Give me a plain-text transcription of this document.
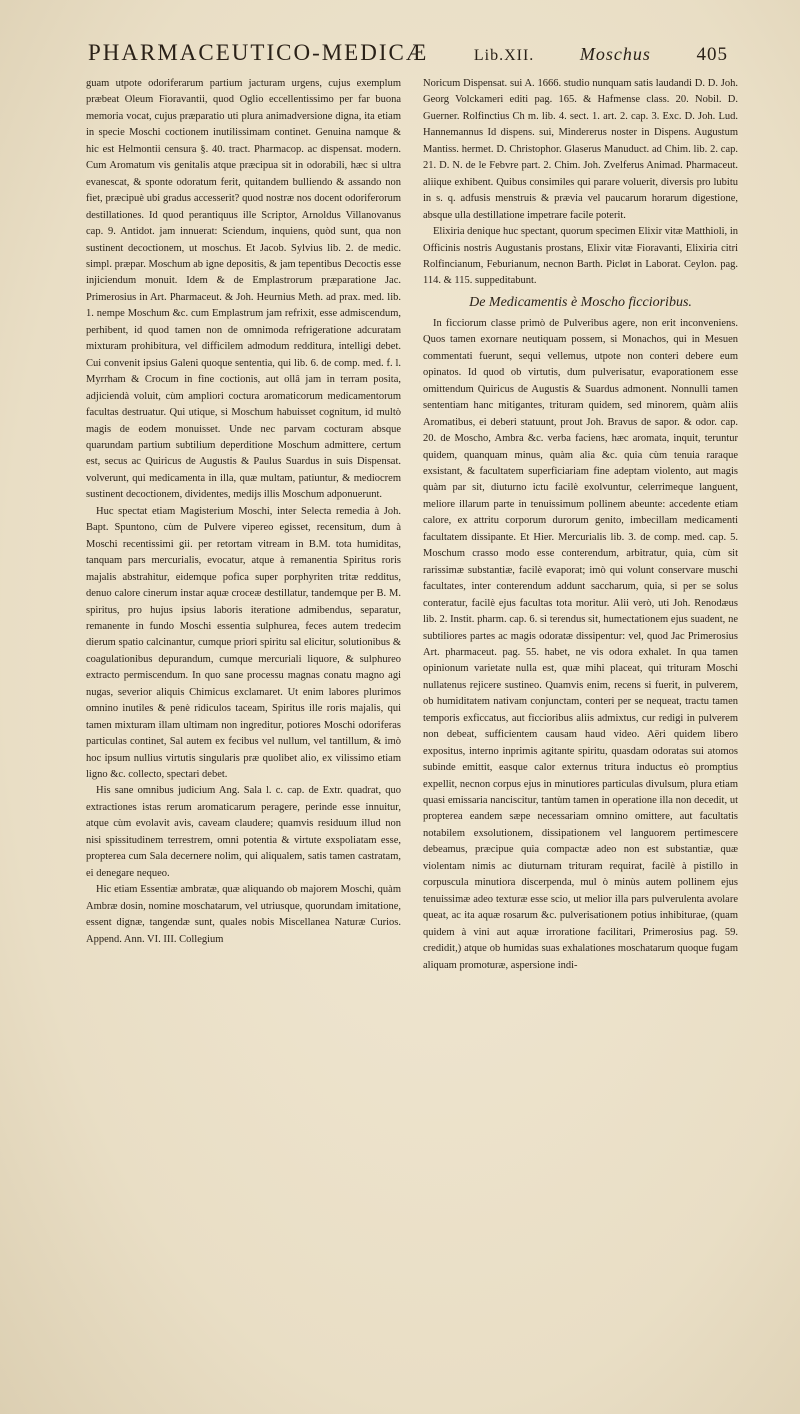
PHARMACEUTICO-MEDICÆ	Lib.XII.	Moschus 405

guam utpote odoriferarum partium jacturam urgens, cujus exemplum præbeat Oleum Fioravantii, quod Oglio eccellentissimo per far buona memoria vocat, cujus præparatio uti plura animadversione digna, ita etiam in specie Moschi coctionem inutilissimam continet. Genuina namque & hic est Helmontii censura §. 40. tract. Pharmacop. ac dispensat. modern. Cum Aromatum vis genitalis atque præcipua sit in odorabili, hæc si ultra evanescat, & sponte odoratum ferit, quitandem bulliendo & assando non fiet, præcipuè ubi gradus accesserit? quod nostræ nos docent odoriferorum destillationes. Id quod perantiquus ille Scriptor, Arnoldus Villanovanus cap. 9. Antidot. jam innuerat: Sciendum, inquiens, quòd sunt, qua non sustinent decoctionem, ut moschus. Et Jacob. Sylvius lib. 2. de medic. simpl. præpar. Moschum ab igne depositis, & jam tepentibus Decoctis esse injiciendum monuit. Idem & de Emplastrorum præparatione Jac. Primerosius in Art. Pharmaceut. & Joh. Heurnius Meth. ad prax. med. lib. 1. nempe Moschum &c. cum Emplastrum jam refrixit, esse admiscendum, perhibent, id quod tamen non de omnimoda refrigeratione adcuratam mixturam prohibitura, vel difficilem admodum redditura, intelligi debet. Cui convenit ipsius Galeni quoque sententia, qui lib. 6. de comp. med. f. l. Myrrham & Crocum in fine coctionis, aut ollâ jam in terram posita, adjiciendà voluit, cùm ampliori coctura aromaticorum medicamentorum facultas destruatur. Qui utique, si Moschum habuisset cognitum, id multò magis de eodem monuisset. Unde nec parvam cocturam absque quarundam partium subtilium deperditione Moschum admittere, certum est, secus ac Quiricus de Augustis & Paulus Suardus in suis Dispensat. volverunt, qui medicamenta in illa, quæ multam, patiuntur, & mediocrem sustinent decoctionem, dividentes, medijs illis Moschum adponuerunt.

Huc spectat etiam Magisterium Moschi, inter Selecta remedia à Joh. Bapt. Spuntono, cùm de Pulvere vipereo egisset, recensitum, dum à Moschi recentissimi gii. per retortam vitream in B.M. tota humiditas, tanquam pars mercurialis, evocatur, atque à remanentia Spiritus roris majalis abstrahitur, eidemque pofica super porphyriten tritæ redditus, denuo calore cinerum instar aquæ croceæ destillatur, tandemque per B. M. spiritus, pro hujus ipsius laboris iteratione admibendus, separatur, remanente in fundo Moschi essentia sulphurea, feces autem tredecim dierum spatio calcinantur, cumque priori spiritu sal elicitur, solutionibus & coagulationibus depurandum, cumque mercuriali liquore, & sulphureo extracto permiscendum. In quo sane processu magnas conatu magno agi nugas, severior aliquis Chimicus exclamaret. Ut enim labores plurimos omnino inutiles & penè ridiculos taceam, Spiritus ille roris majalis, qui tamen mixturam illam ultimam non ingreditur, potiores Moschi odoriferas particulas continet, Sal autem ex fecibus vel nullum, vel tantillum, & imò hoc ipsum nullius virtutis singularis præ quolibet alio, ex vilissimo etiam ligno &c. collecto, spectari debet.

His sane omnibus judicium Ang. Sala l. c. cap. de Extr. quadrat, quo extractiones istas rerum aromaticarum peragere, perinde esse innuitur, atque cùm evolavit avis, caveam claudere; quamvis residuum illud non nisi spissitudinem terrestrem, omni potentia & virtute exspoliatam esse, propterea cum Sala decernere nolim, qui aliqualem, satis tamen castratam, ei denegare nequeo.

Hic etiam Essentiæ ambratæ, quæ aliquando ob majorem Moschi, quàm Ambræ dosin, nomine moschatarum, vel utriusque, quorundam imitatione, essent dignæ, tangendæ sunt, quales nobis Miscellanea Naturæ Curios. Append. Ann. VI. III. Collegium

Noricum Dispensat. sui A. 1666. studio nunquam satis laudandi D. D. Joh. Georg Volckameri editi pag. 165. & Hafmense class. 20. Nobil. D. Guerner. Rolfinctius Ch m. lib. 4. sect. 1. art. 2. cap. 3. Exc. D. Joh. Lud. Hannemannus Id dispens. sui, Mindererus noster in Dispens. Augustum Mantiss. hermet. D. Christophor. Glaserus Manuduct. ad Chim. lib. 2. cap. 21. D. N. de le Febvre part. 2. Chim. Joh. Zvelferus Animad. Pharmaceut. aliique exhibent. Quibus consimiles qui parare voluerit, diversis pro lubitu in s. q. adfusis menstruis & prævia vel paucarum horarum digestione, absque ulla destillatione impetrare facile poterit.

Elixiria denique huc spectant, quorum specimen Elixir vitæ Matthioli, in Officinis nostris Augustanis prostans, Elixir vitæ Fioravanti, Elixiria citri Rolfincianum, Feburianum, necnon Barth. Picløt in Laborat. Ceylon. pag. 114. & 115. suppeditabunt.

De Medicamentis è Moscho ficcioribus.

In ficciorum classe primò de Pulveribus agere, non erit inconveniens. Quos tamen exornare neutiquam possem, si Monachos, qui in Mesuen commentati fuerunt, sequi vellemus, utpote non conteri debere eum opinatos. Id quod ob virtutis, dum pulverisatur, evaporationem esse omittendum Quiricus de Augustis & Suardus admonent. Nonnulli tamen sententiam hanc mitigantes, trituram quidem, sed minorem, quàm aliis Aromatibus, ei deberi statuunt, prout Joh. Bravus de sapor. & odor. cap. 20. de Moscho, Ambra &c. verba faciens, hæc aromata, inquit, teruntur quidem, quanquam minus, quàm alia &c. quia cùm tenuia raraque exsistant, & facultatem superficiariam fine adeptam violento, aut magis quàm par sit, diuturno ictu facilè exolvuntur, celerrimeque languent, meliore illarum parte in tenuissimum pollinem abeunte: accedente etiam calore, ex attritu corporum durorum genito, imbecillam medicamenti facultatem dissipante. Et Hier. Mercurialis lib. 3. de comp. med. cap. 5. Moschum crasso modo esse conterendum, arbitratur, quia, cùm sit rarissimæ substantiæ, facilè evaporat; imò qui volunt conservare muschi facultates, inter conterendum addunt saccharum, quia, si per se solus conteratur, facilè ejus facultas tota moritur. Alii verò, uti Joh. Renodæus lib. 2. Instit. pharm. cap. 6. si terendus sit, humectationem ejus suadent, ne subtiliores partes ac magis odoratæ dissipentur: vel, quod Jac Primerosius Art. pharmaceut. pag. 55. habet, ne vis odora exhalet. In qua tamen opinionum varietate nulla est, quæ mihi placeat, qui trituram Moschi nullatenus rejicere sustineo. Quamvis enim, recens si fuerit, in pulverem, ob humiditatem nativam conjunctam, conteri per se nequeat, tractu tamen temporis exficcatus, aut ficcioribus aliis admixtus, cur redigi in pulverem non debeat, sufficientem causam haud video. Aëri quidem libero expositus, interno inprimis agitante spiritu, quasdam odoratas sui atomos subinde emittit, easque calor externus tritura inductus eò promptius expellit, necnon corpus ejus in minutiores particulas divulsum, plura etiam quasi emissaria nanciscitur, tantùm tamen in operatione illa non decedit, ut propterea eandem sæpe necessariam omnino omittere, aut facultatis notabilem exsolutionem, dissipationem vel languorem pertimescere debeamus, præcipue quia compactæ adeo non est substantiæ, quæ violentam nimis ac diuturnam trituram requirat, facilè à pistillo in corpuscula minutiora discerpenda, mul ò minùs autem pollinem ejus tenuissimæ adeo texturæ esse scio, ut melior illa pars pulverulenta avolare queat, ac ita aquæ rosarum &c. pulverisationem potius inhibiturae, (quam quidem à vini aut aquæ irroratione facilitari, Primerosius pag. 59. credidit,) atque ob humidas suas exhalationes moschatarum quoque fugam aliquam promoturæ, aspersione indi-
